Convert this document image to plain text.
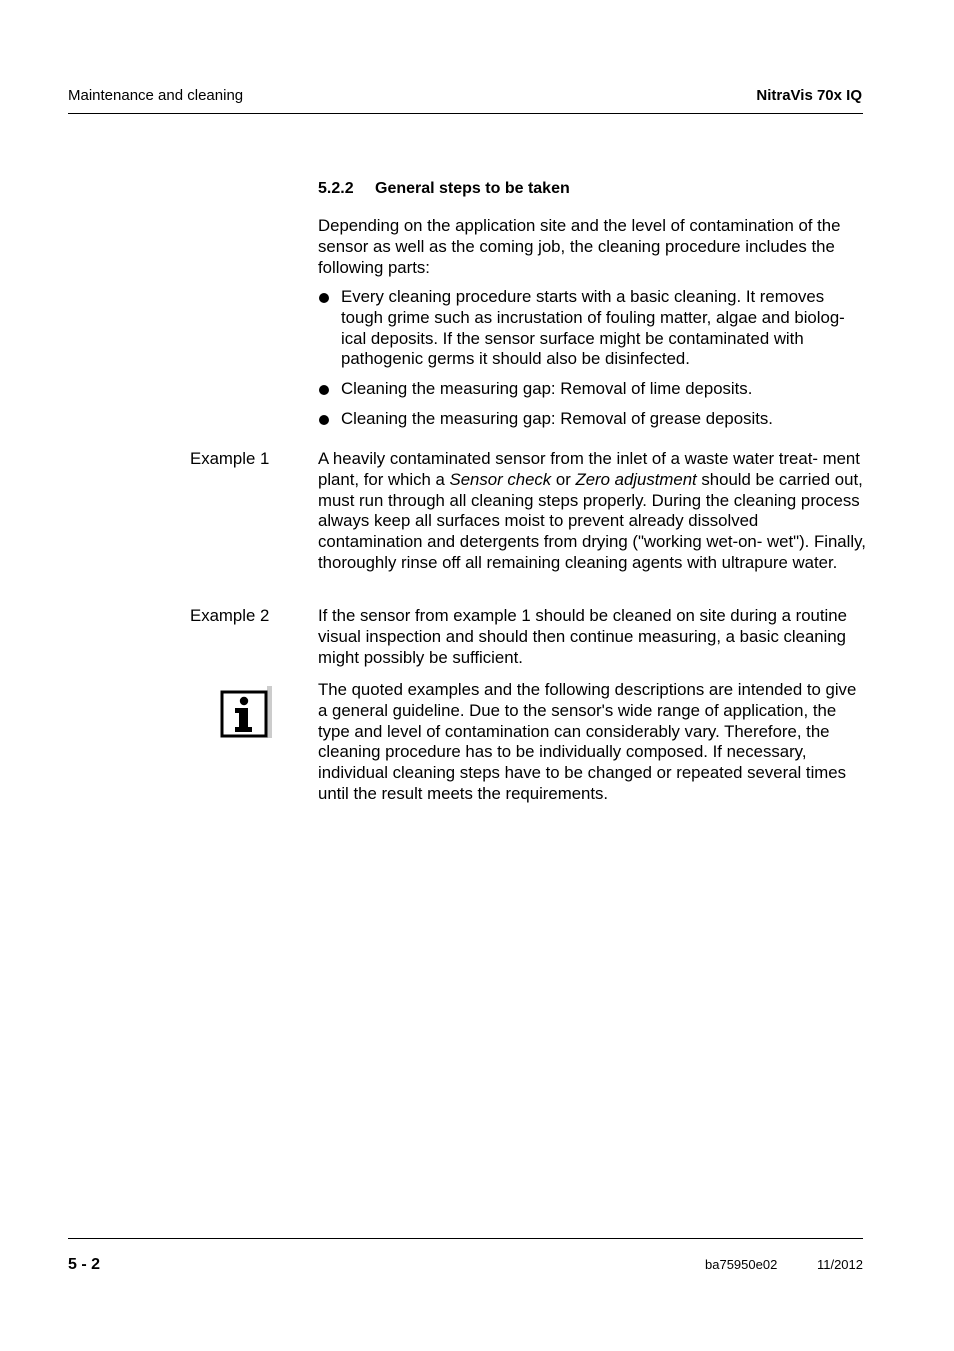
Maintenance and cleaning	NitraVis 70x IQ
5.2.2 General steps to be taken
Depending on the application site and the level of contamination of the sensor as well as the coming job, the cleaning procedure includes the following parts:
Every cleaning procedure starts with a basic cleaning. It removes tough grime such as incrustation of fouling matter, algae and biolog- ical deposits. If the sensor surface might be contaminated with pathogenic germs it should also be disinfected.
Cleaning the measuring gap: Removal of lime deposits.
Cleaning the measuring gap: Removal of grease deposits.
Example 1	A heavily contaminated sensor from the inlet of a waste water treat- ment plant, for which a Sensor check or Zero adjustment should be carried out, must run through all cleaning steps properly. During the cleaning process always keep all surfaces moist to prevent already dissolved contamination and detergents from drying ("working wet-on- wet"). Finally, thoroughly rinse off all remaining cleaning agents with ultrapure water.
Example 2	If the sensor from example 1 should be cleaned on site during a routine visual inspection and should then continue measuring, a basic cleaning might possibly be sufficient.
The quoted examples and the following descriptions are intended to give a general guideline. Due to the sensor's wide range of application, the type and level of contamination can considerably vary. Therefore, the cleaning procedure has to be individually composed. If necessary, individual cleaning steps have to be changed or repeated several times until the result meets the requirements.
5 - 2	ba75950e02	11/2012
